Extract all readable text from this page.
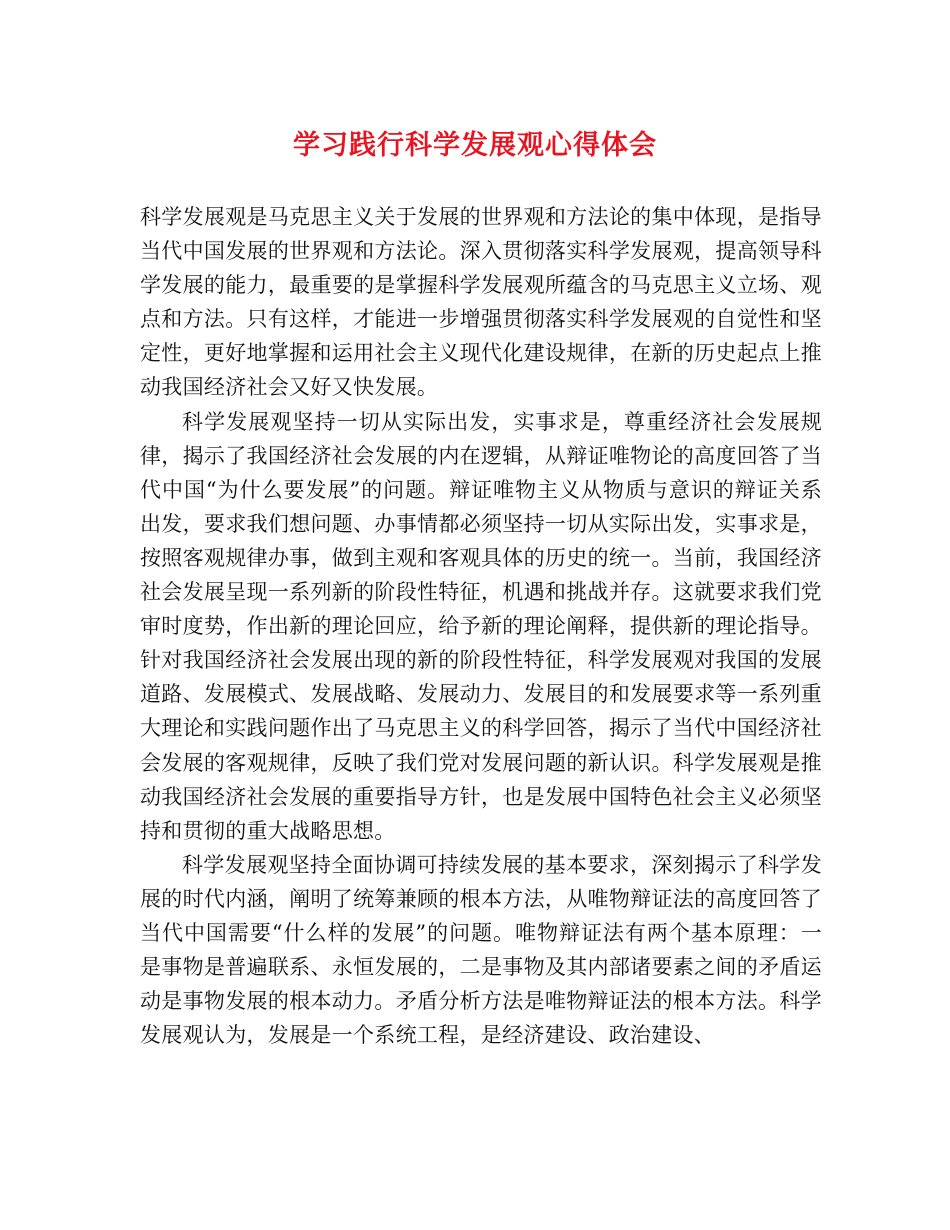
学习践行科学发展观心得体会

科学发展观是马克思主义关于发展的世界观和方法论的集中体现，是指导当代中国发展的世界观和方法论。深入贯彻落实科学发展观，提高领导科学发展的能力，最重要的是掌握科学发展观所蕴含的马克思主义立场、观点和方法。只有这样，才能进一步增强贯彻落实科学发展观的自觉性和坚定性，更好地掌握和运用社会主义现代化建设规律，在新的历史起点上推动我国经济社会又好又快发展。

科学发展观坚持一切从实际出发，实事求是，尊重经济社会发展规律，揭示了我国经济社会发展的内在逻辑，从辩证唯物论的高度回答了当代中国“为什么要发展”的问题。辩证唯物主义从物质与意识的辩证关系出发，要求我们想问题、办事情都必须坚持一切从实际出发，实事求是，按照客观规律办事，做到主观和客观具体的历史的统一。当前，我国经济社会发展呈现一系列新的阶段性特征，机遇和挑战并存。这就要求我们党审时度势，作出新的理论回应，给予新的理论阐释，提供新的理论指导。针对我国经济社会发展出现的新的阶段性特征，科学发展观对我国的发展道路、发展模式、发展战略、发展动力、发展目的和发展要求等一系列重大理论和实践问题作出了马克思主义的科学回答，揭示了当代中国经济社会发展的客观规律，反映了我们党对发展问题的新认识。科学发展观是推动我国经济社会发展的重要指导方针，也是发展中国特色社会主义必须坚持和贯彻的重大战略思想。

科学发展观坚持全面协调可持续发展的基本要求，深刻揭示了科学发展的时代内涵，阐明了统筹兼顾的根本方法，从唯物辩证法的高度回答了当代中国需要“什么样的发展”的问题。唯物辩证法有两个基本原理：一是事物是普遍联系、永恒发展的，二是事物及其内部诸要素之间的矛盾运动是事物发展的根本动力。矛盾分析方法是唯物辩证法的根本方法。科学发展观认为，发展是一个系统工程，是经济建设、政治建设、
